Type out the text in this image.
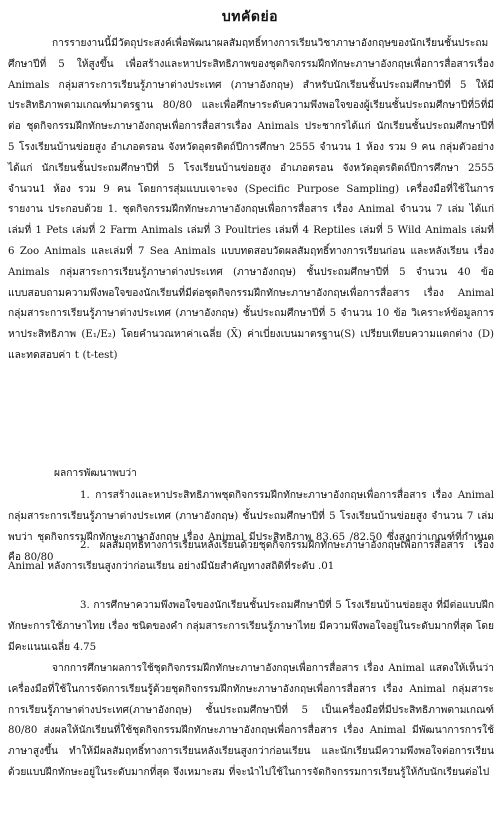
บทคัดย่อ
การรายงานนี้มีวัตถุประสงค์เพื่อพัฒนาผลสัมฤทธิ์ทางการเรียนวิชาภาษาอังกฤษของนักเรียนชั้นประถมศึกษาปีที่ 5 ให้สูงขึ้น เพื่อสร้างและหาประสิทธิภาพของชุดกิจกรรมฝึกทักษะภาษาอังกฤษเพื่อการสื่อสารเรื่อง Animals กลุ่มสาระการเรียนรู้ภาษาต่างประเทศ (ภาษาอังกฤษ) สำหรับนักเรียนชั้นประถมศึกษาปีที่ 5 ให้มีประสิทธิภาพตามเกณฑ์มาตรฐาน 80/80 และเพื่อศึกษาระดับความพึงพอใจของผู้เรียนชั้นประถมศึกษาปีที่5ที่มีต่อ ชุดกิจกรรมฝึกทักษะภาษาอังกฤษเพื่อการสื่อสารเรื่อง Animals ประชากรได้แก่ นักเรียนชั้นประถมศึกษาปีที่ 5 โรงเรียนบ้านข่อยสูง อำเภอตรอน จังหวัดอุตรดิตถ์ปีการศึกษา 2555 จำนวน 1 ห้อง รวม 9 คน กลุ่มตัวอย่างได้แก่ นักเรียนชั้นประถมศึกษาปีที่ 5 โรงเรียนบ้านข่อยสูง อำเภอตรอน จังหวัดอุตรดิตถ์ปีการศึกษา 2555 จำนวน1 ห้อง รวม 9 คน โดยการสุ่มแบบเจาะจง (Specific Purpose Sampling) เครื่องมือที่ใช้ในการรายงาน ประกอบด้วย 1. ชุดกิจกรรมฝึกทักษะภาษาอังกฤษเพื่อการสื่อสาร เรื่อง Animal จำนวน 7 เล่ม ได้แก่ เล่มที่ 1 Pets เล่มที่ 2 Farm Animals เล่มที่ 3 Poultries เล่มที่ 4 Reptiles เล่มที่ 5 Wild Animals เล่มที่ 6 Zoo Animals และเล่มที่ 7 Sea Animals แบบทดสอบวัดผลสัมฤทธิ์ทางการเรียนก่อน และหลังเรียน เรื่อง Animals กลุ่มสาระการเรียนรู้ภาษาต่างประเทศ (ภาษาอังกฤษ) ชั้นประถมศึกษาปีที่ 5 จำนวน 40 ข้อ แบบสอบถามความพึงพอใจของนักเรียนที่มีต่อชุดกิจกรรมฝึกทักษะภาษาอังกฤษเพื่อการสื่อสาร เรื่อง Animal กลุ่มสาระการเรียนรู้ภาษาต่างประเทศ (ภาษาอังกฤษ) ชั้นประถมศึกษาปีที่ 5 จำนวน 10 ข้อ วิเคราะห์ข้อมูลการหาประสิทธิภาพ (E₁/E₂) โดยคำนวณหาค่าเฉลี่ย (X̄) ค่าเบี่ยงเบนมาตรฐาน(S) เปรียบเทียบความแตกต่าง (D) และทดสอบค่า t (t-test)
ผลการพัฒนาพบว่า
1. การสร้างและหาประสิทธิภาพชุดกิจกรรมฝึกทักษะภาษาอังกฤษเพื่อการสื่อสาร เรื่อง Animal กลุ่มสาระการเรียนรู้ภาษาต่างประเทศ (ภาษาอังกฤษ) ชั้นประถมศึกษาปีที่ 5 โรงเรียนบ้านข่อยสูง จำนวน 7 เล่ม พบว่า ชุดกิจกรรมฝึกทักษะภาษาอังกฤษ เรื่อง Animal มีประสิทธิภาพ 83.65 /82.50 ซึ่งสูงกว่าเกณฑ์ที่กำหนด คือ 80/80
2. ผลสัมฤทธิ์ทางการเรียนหลังเรียนด้วยชุดกิจกรรมฝึกทักษะภาษาอังกฤษเพื่อการสื่อสาร เรื่อง Animal หลังการเรียนสูงกว่าก่อนเรียน อย่างมีนัยสำคัญทางสถิติที่ระดับ .01
3. การศึกษาความพึงพอใจของนักเรียนชั้นประถมศึกษาปีที่ 5 โรงเรียนบ้านข่อยสูง ที่มีต่อแบบฝึกทักษะการใช้ภาษาไทย เรื่อง ชนิดของคำ กลุ่มสาระการเรียนรู้ภาษาไทย มีความพึงพอใจอยู่ในระดับมากที่สุด โดยมีคะแนนเฉลี่ย 4.75
จากการศึกษาผลการใช้ชุดกิจกรรมฝึกทักษะภาษาอังกฤษเพื่อการสื่อสาร เรื่อง Animal แสดงให้เห็นว่าเครื่องมือที่ใช้ในการจัดการเรียนรู้ด้วยชุดกิจกรรมฝึกทักษะภาษาอังกฤษเพื่อการสื่อสาร เรื่อง Animal กลุ่มสาระการเรียนรู้ภาษาต่างประเทศ(ภาษาอังกฤษ) ชั้นประถมศึกษาปีที่ 5 เป็นเครื่องมือที่มีประสิทธิภาพตามเกณฑ์ 80/80 ส่งผลให้นักเรียนที่ใช้ชุดกิจกรรมฝึกทักษะภาษาอังกฤษเพื่อการสื่อสาร เรื่อง Animal มีพัฒนาการการใช้ภาษาสูงขึ้น ทำให้มีผลสัมฤทธิ์ทางการเรียนหลังเรียนสูงกว่าก่อนเรียน และนักเรียนมีความพึงพอใจต่อการเรียนด้วยแบบฝึกทักษะอยู่ในระดับมากที่สุด จึงเหมาะสม ที่จะนำไปใช้ในการจัดกิจกรรมการเรียนรู้ให้กับนักเรียนต่อไป
